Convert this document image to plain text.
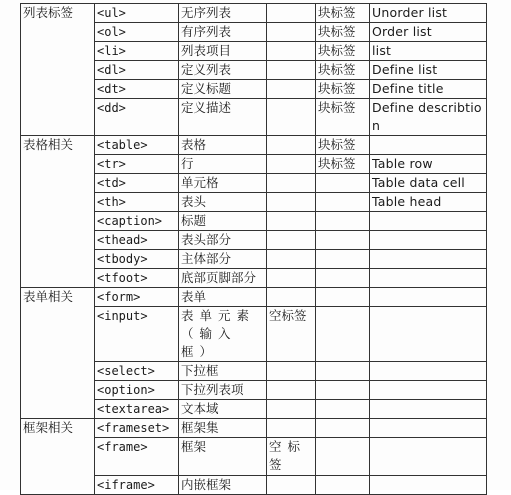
列表标签	<ul>	无序列表		块标签	Unorder list
	<ol>	有序列表		块标签	Order list
	<li>	列表项目		块标签	list
	<dl>	定义列表		块标签	Define list
	<dt>	定义标题		块标签	Define title
	<dd>	定义描述		块标签	Define describtion
表格相关	<table>	表格		块标签	
	<tr>	行		块标签	Table row
	<td>	单元格			Table data cell
	<th>	表头			Table head
	<caption>	标题			
	<thead>	表头部分			
	<tbody>	主体部分			
	<tfoot>	底部页脚部分			
表单相关	<form>	表单			
	<input>	表单元素（输入框）	空标签		
	<select>	下拉框			
	<option>	下拉列表项			
	<textarea>	文本域			
框架相关	<frameset>	框架集			
	<frame>	框架	空标签		
	<iframe>	内嵌框架			
